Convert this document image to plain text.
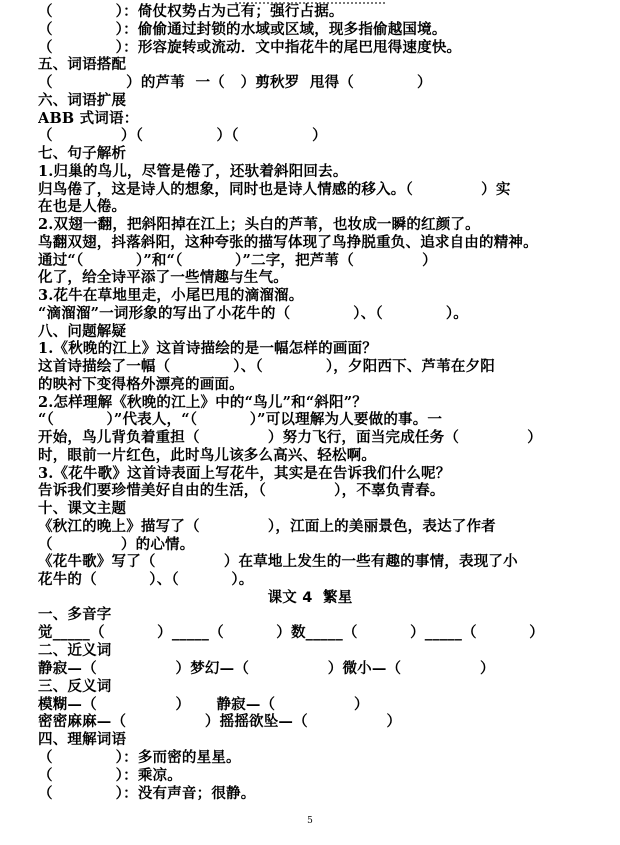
（            ）：倚仗权势占为己有；强行占据。
（            ）：偷偷通过封锁的水域或区域，现多指偷越国境。
（            ）：形容旋转或流动．文中指花牛的尾巴甩得速度快。
五、词语搭配
（              ）的芦苇  一（   ）剪秋罗  甩得（            ）
六、词语扩展
ABB 式词语：
（             ）（              ）（              ）
七、句子解析
1.归巢的鸟儿，尽管是倦了，还驮着斜阳回去。
归鸟倦了，这是诗人的想象，同时也是诗人情感的移入。（             ）实
在也是人倦。
2.双翅一翻，把斜阳掉在江上；头白的芦苇，也妆成一瞬的红颜了。
鸟翻双翅，抖落斜阳，这种夸张的描写体现了鸟挣脱重负、追求自由的精神。
通过“（          ）”和“（          ）”二字，把芦苇（             ）
化了，给全诗平添了一些情趣与生气。
3.花牛在草地里走，小尾巴甩的滴溜溜。
“滴溜溜”一词形象的写出了小花牛的（            ）、（            ）。
八、问题解疑
1.《秋晚的江上》这首诗描绘的是一幅怎样的画面？
这首诗描绘了一幅（            ）、（            ），夕阳西下、芦苇在夕阳
的映衬下变得格外漂亮的画面。
2.怎样理解《秋晚的江上》中的“鸟儿”和“斜阳”？
“（          ）”代表人，“（          ）”可以理解为人要做的事。一
开始，鸟儿背负着重担（             ）努力飞行，面当完成任务（             ）
时，眼前一片红色，此时鸟儿该多么高兴、轻松啊。
3.《花牛歌》这首诗表面上写花牛，其实是在告诉我们什么呢？
告诉我们要珍惜美好自由的生活，（             ），不辜负青春。
十、课文主题
《秋江的晚上》描写了（             ），江面上的美丽景色，表达了作者
（             ）的心情。
《花牛歌》写了（             ）在草地上发生的一些有趣的事情，表现了小
花牛的（          ）、（          ）。
课文 4  繁星
一、多音字
觉_____（          ）_____（          ）数_____（          ）_____（          ）
二、近义词
静寂—（               ）梦幻—（               ）微小—（               ）
三、反义词
模糊—（               ）     静寂—（               ）
密密麻麻—（               ）摇摇欲坠—（               ）
四、理解词语
（            ）：多而密的星星。
（            ）：乘凉。
（            ）：没有声音；很静。
5
